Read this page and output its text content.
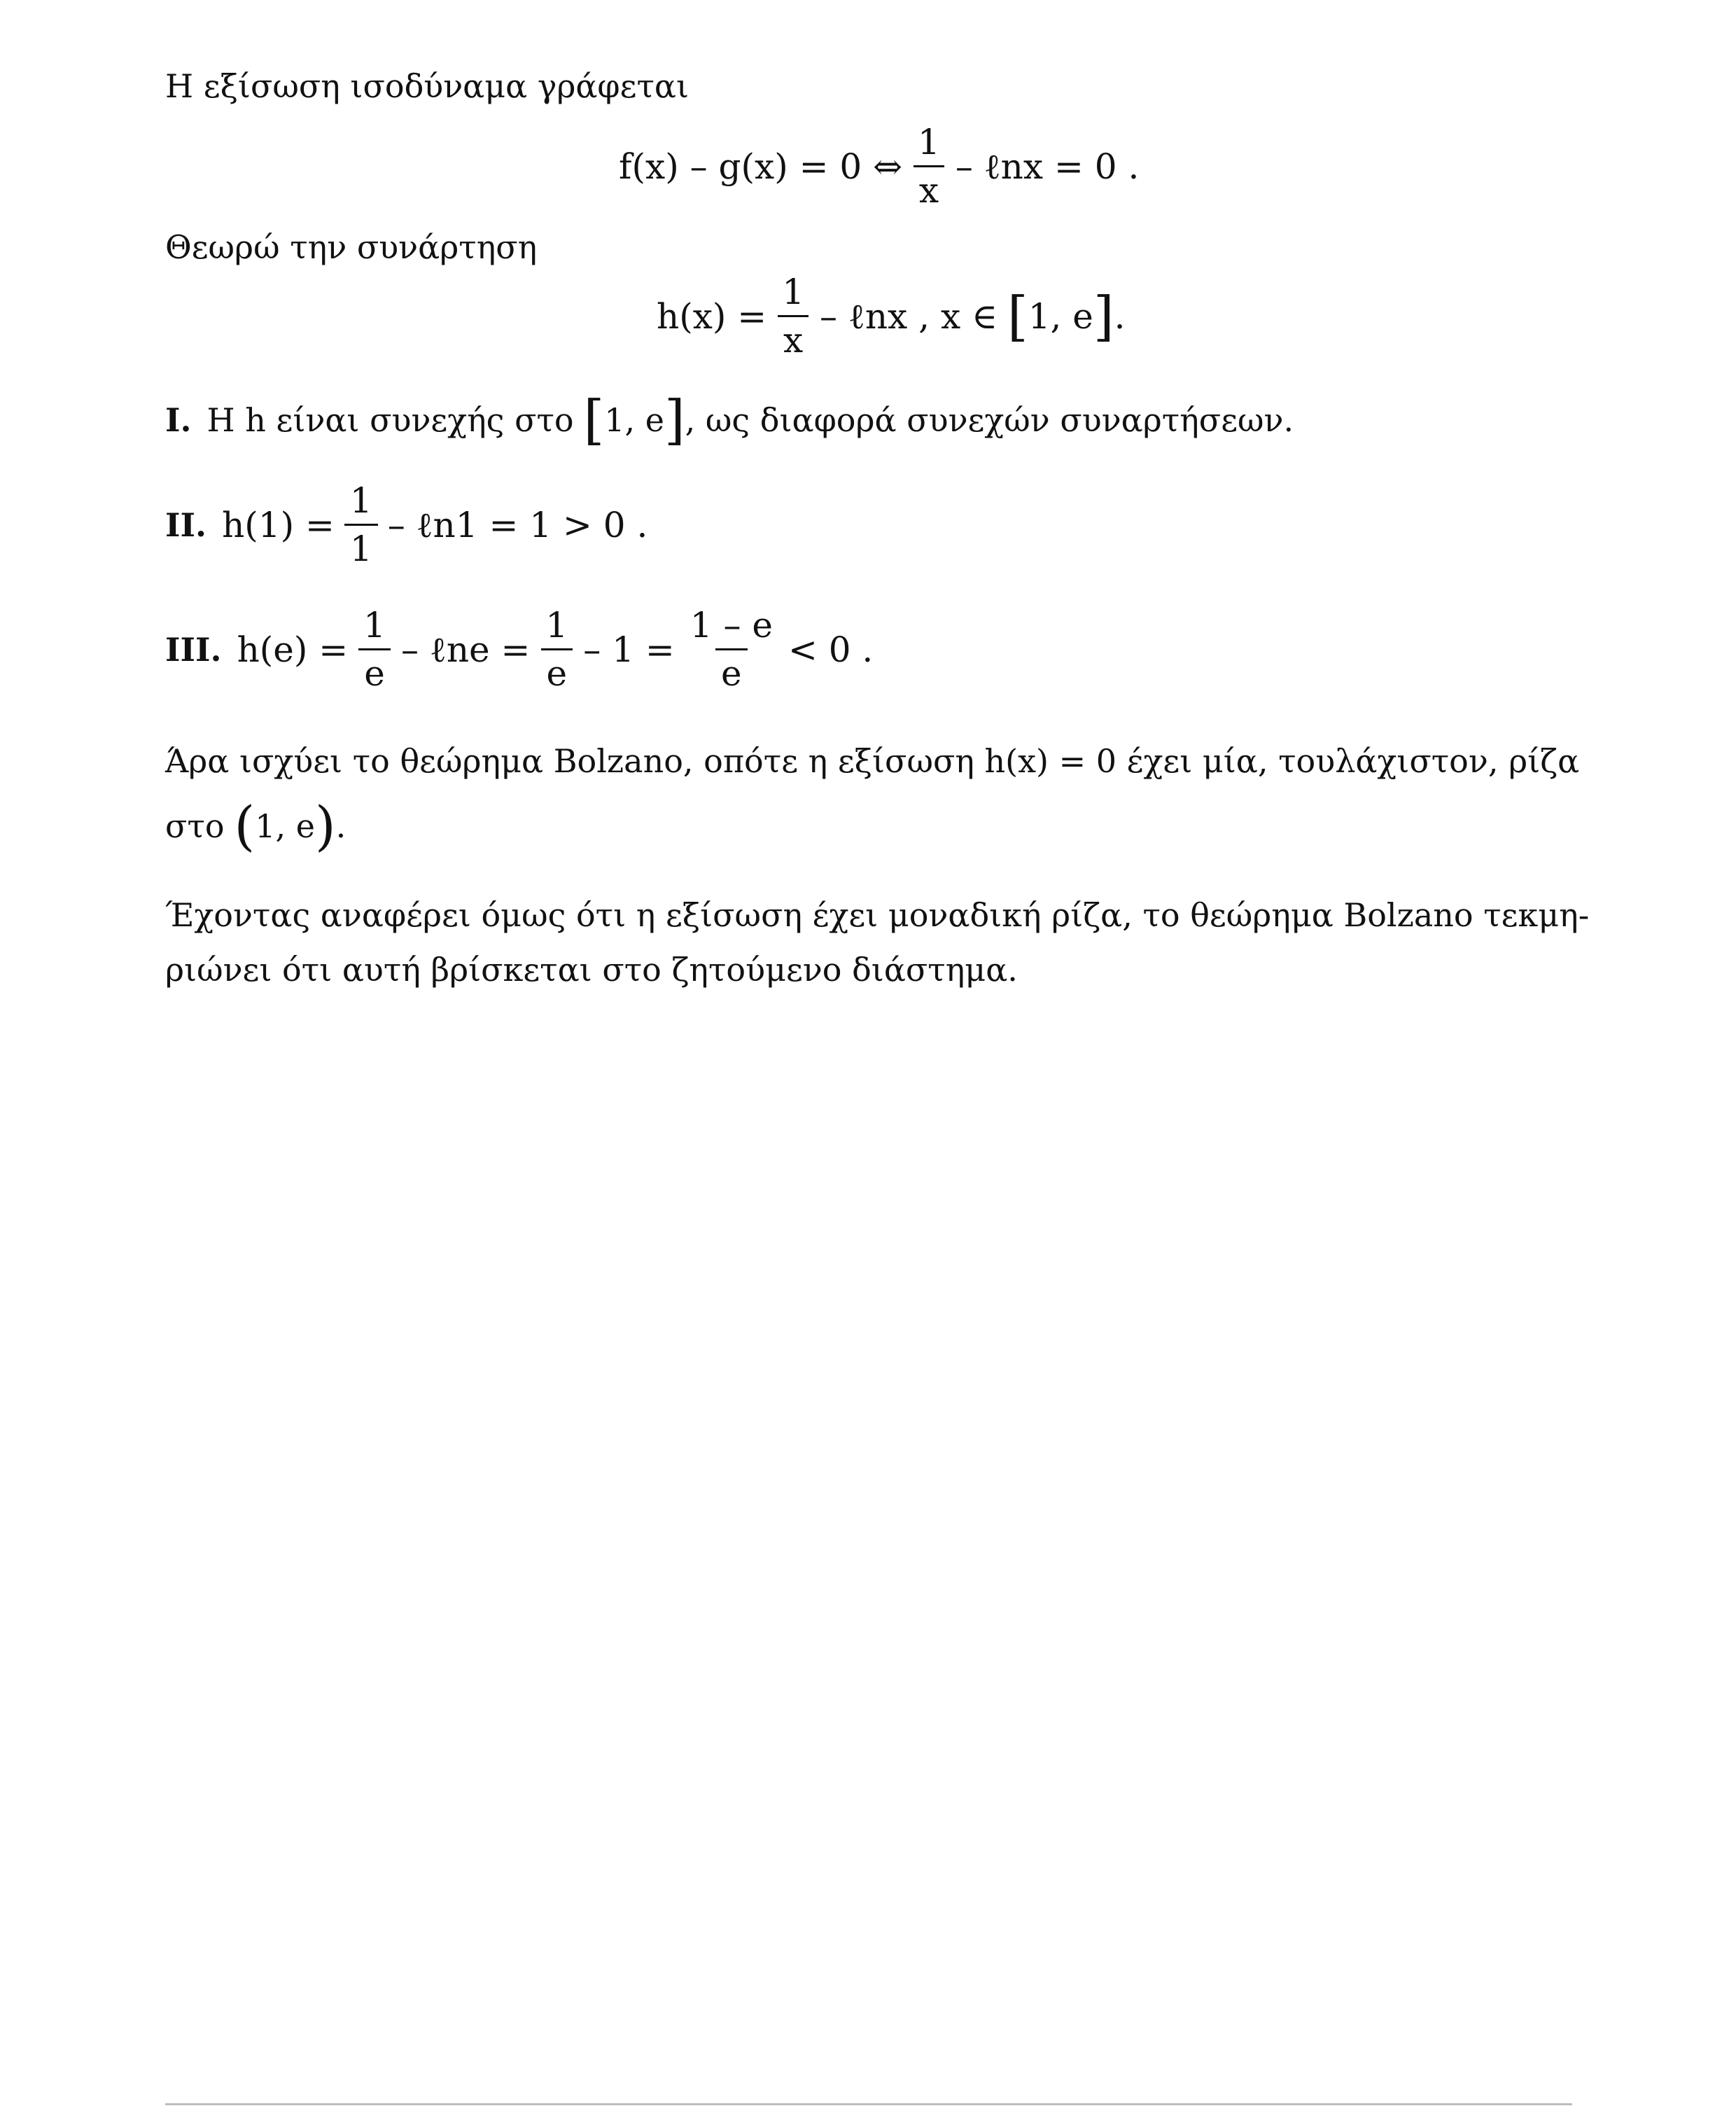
Η εξίσωση ισοδύναμα γράφεται
f(x) – g(x) = 0 ⇔ $\frac{1}{x}$ – ℓnx = 0 .
Θεωρώ την συνάρτηση
$h(x) = \frac{1}{x}$ – ℓnx , x ∈ [ 1, e ] .
I. Η h είναι συνεχής στο [ 1, e ] , ως διαφορά συνεχών συναρτήσεων.
II. $h(1) = \frac{1}{1}$ – ℓn1 = 1 > 0 .
III. $h(e) = \frac{1}{e}$ – ℓne = $\frac{1}{e} - 1 = \frac{1 - e}{e} < 0$ .
Άρα ισχύει το θεώρημα Bolzano, οπότε η εξίσωση h(x) = 0 έχει μία, τουλάχιστον, ρίζα
στο ( 1, e ) .
Έχοντας αναφέρει όμως ότι η εξίσωση έχει μοναδική ρίζα, το θεώρημα Bolzano τεκμη-
ριώνει ότι αυτή βρίσκεται στο ζητούμενο διάστημα.
